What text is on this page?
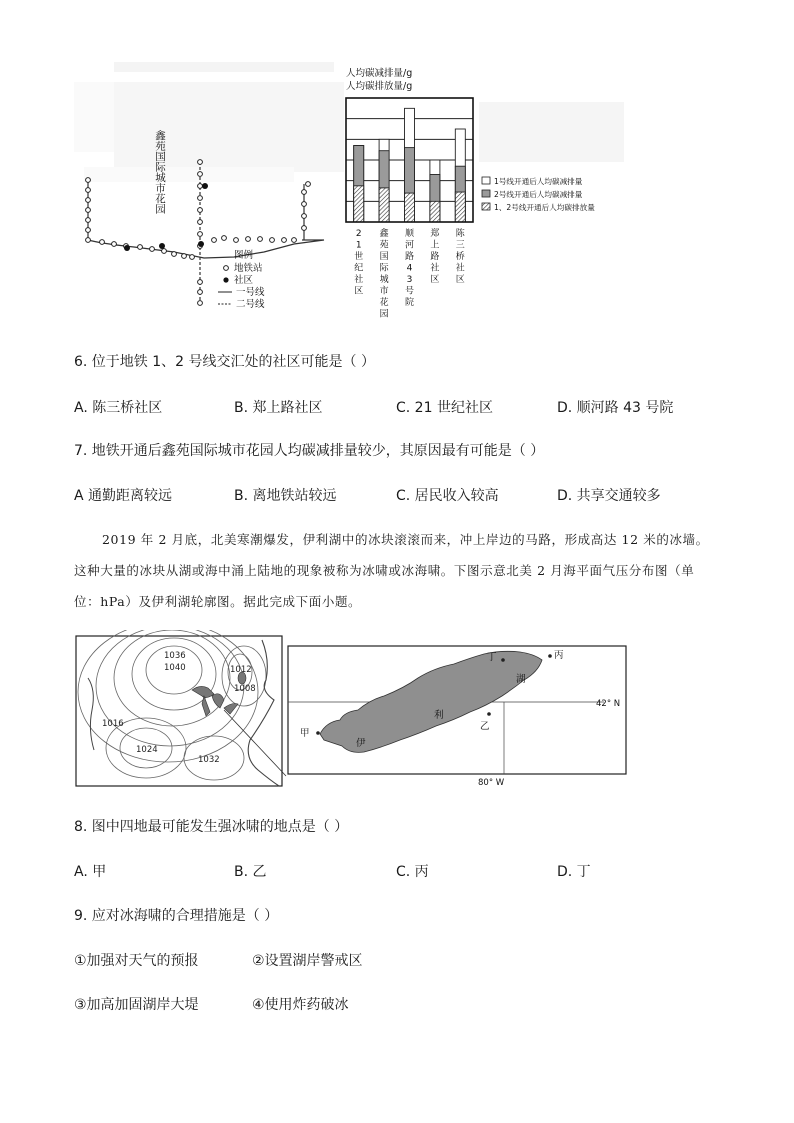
鑫苑国际城市花园
图例
地铁站
社区
一号线
二号线
人均碳减排量/g
人均碳排放量/g
2
1
世
纪
社
区
鑫
苑
国
际
城
市
花
园
顺
河
路
4
3
号
院
郑
上
路
社
区
陈
三
桥
社
区
1号线开通后人均碳减排量
2号线开通后人均碳减排量
1、2号线开通后人均碳排放量
6. 位于地铁 1、2 号线交汇处的社区可能是（ ）
A. 陈三桥社区	B. 郑上路社区	C. 21 世纪社区	D. 顺河路 43 号院
7. 地铁开通后鑫苑国际城市花园人均碳减排量较少，其原因最有可能是（ ）
A 通勤距离较远	B. 离地铁站较远	C. 居民收入较高	D. 共享交通较多
2019 年 2 月底，北美寒潮爆发，伊利湖中的冰块滚滚而来，冲上岸边的马路，形成高达 12 米的冰墙。
这种大量的冰块从湖或海中涌上陆地的现象被称为冰啸或冰海啸。下图示意北美 2 月海平面气压分布图（单
位：hPa）及伊利湖轮廓图。据此完成下面小题。
1036
1040	1012
1008
1016
1024
1032
甲
乙
丙
丁
伊
利
湖
42° N
80° W
8. 图中四地最可能发生强冰啸的地点是（ ）
A. 甲	B. 乙	C. 丙	D. 丁
9. 应对冰海啸的合理措施是（ ）
①加强对天气的预报	②设置湖岸警戒区
③加高加固湖岸大堤	④使用炸药破冰
